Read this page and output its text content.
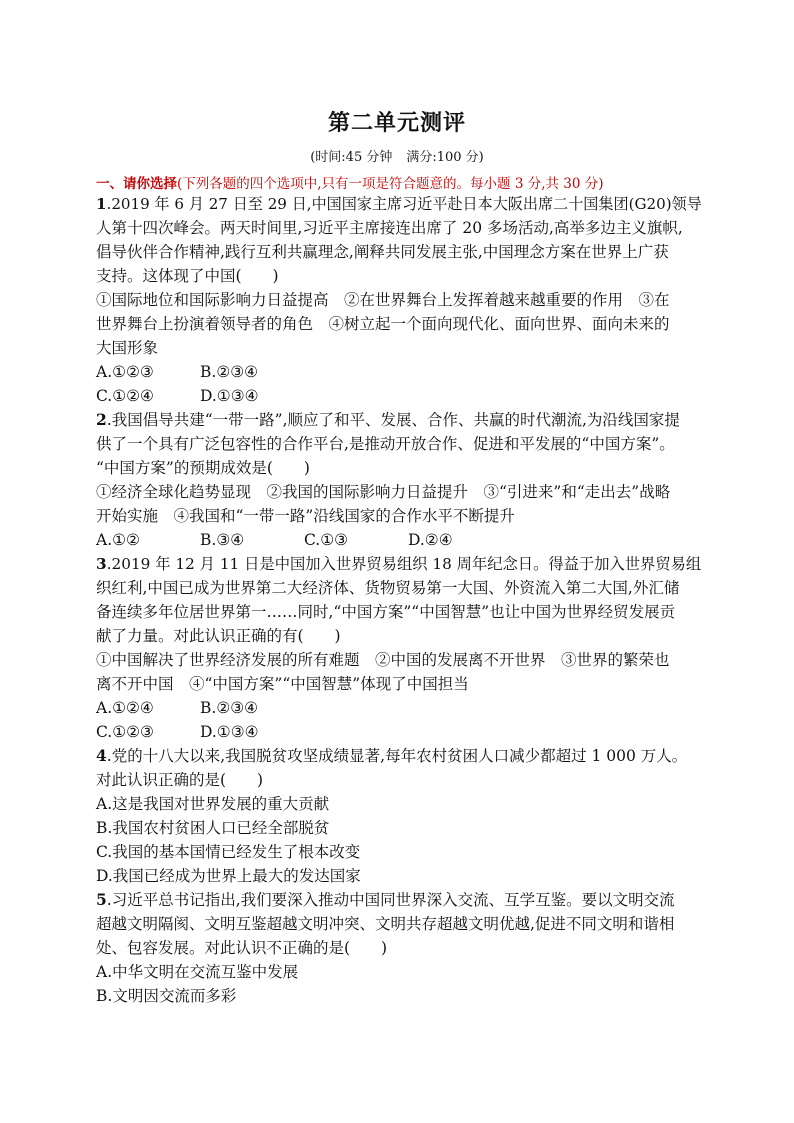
第二单元测评
(时间:45 分钟 满分:100 分)
一、请你选择(下列各题的四个选项中,只有一项是符合题意的。每小题 3 分,共 30 分)
1.2019 年 6 月 27 日至 29 日,中国国家主席习近平赴日本大阪出席二十国集团(G20)领导
人第十四次峰会。两天时间里,习近平主席接连出席了 20 多场活动,高举多边主义旗帜,
倡导伙伴合作精神,践行互利共赢理念,阐释共同发展主张,中国理念方案在世界上广获
支持。这体现了中国(　　)
①国际地位和国际影响力日益提高　②在世界舞台上发挥着越来越重要的作用　③在
世界舞台上扮演着领导者的角色　④树立起一个面向现代化、面向世界、面向未来的
大国形象
A.①②③	B.②③④
C.①②④	D.①③④
2.我国倡导共建“一带一路”,顺应了和平、发展、合作、共赢的时代潮流,为沿线国家提
供了一个具有广泛包容性的合作平台,是推动开放合作、促进和平发展的“中国方案”。
“中国方案”的预期成效是(　　)
①经济全球化趋势显现　②我国的国际影响力日益提升　③“引进来”和“走出去”战略
开始实施　④我国和“一带一路”沿线国家的合作水平不断提升
A.①②	B.③④	C.①③	D.②④
3.2019 年 12 月 11 日是中国加入世界贸易组织 18 周年纪念日。得益于加入世界贸易组
织红利,中国已成为世界第二大经济体、货物贸易第一大国、外资流入第二大国,外汇储
备连续多年位居世界第一……同时,“中国方案”“中国智慧”也让中国为世界经贸发展贡
献了力量。对此认识正确的有(　　)
①中国解决了世界经济发展的所有难题　②中国的发展离不开世界　③世界的繁荣也
离不开中国　④“中国方案”“中国智慧”体现了中国担当
A.①②④	B.②③④
C.①②③	D.①③④
4.党的十八大以来,我国脱贫攻坚成绩显著,每年农村贫困人口减少都超过 1 000 万人。
对此认识正确的是(　　)
A.这是我国对世界发展的重大贡献
B.我国农村贫困人口已经全部脱贫
C.我国的基本国情已经发生了根本改变
D.我国已经成为世界上最大的发达国家
5.习近平总书记指出,我们要深入推动中国同世界深入交流、互学互鉴。要以文明交流
超越文明隔阂、文明互鉴超越文明冲突、文明共存超越文明优越,促进不同文明和谐相
处、包容发展。对此认识不正确的是(　　)
A.中华文明在交流互鉴中发展
B.文明因交流而多彩
